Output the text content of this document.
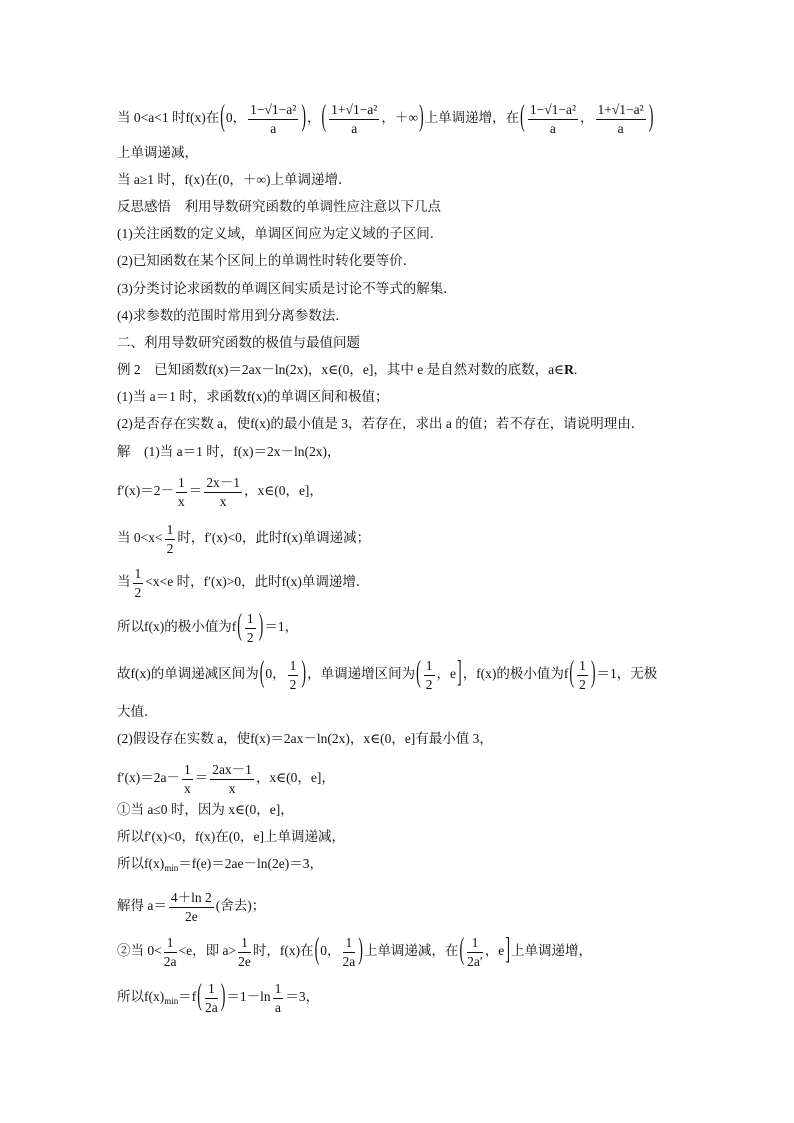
当 0<a<1 时f(x)在(0， $\frac{\text{1−√1−a²}}{a}$ )，( $\frac{\text{1+√1−a²}}{a}$ ，＋∞)上单调递增，在( $\frac{\text{1−√1−a²}}{a}$ ， $\frac{\text{1+√1−a²}}{a}$ )
上单调递减，
当 a≥1 时，f(x)在(0，＋∞)上单调递增．
反思感悟　利用导数研究函数的单调性应注意以下几点
(1)关注函数的定义域，单调区间应为定义域的子区间．
(2)已知函数在某个区间上的单调性时转化要等价．
(3)分类讨论求函数的单调区间实质是讨论不等式的解集．
(4)求参数的范围时常用到分离参数法．
二、利用导数研究函数的极值与最值问题
例 2　已知函数f(x)＝2ax－ln(2x)，x∈(0，e]，其中 e 是自然对数的底数，a∈R.
(1)当 a＝1 时，求函数f(x)的单调区间和极值；
(2)是否存在实数 a，使f(x)的最小值是 3，若存在，求出 a 的值；若不存在，请说明理由．
解　(1)当 a＝1 时，f(x)＝2x－ln(2x)，
$f'(x)=2- \frac{1}{x} = \frac{2x-1}{x}$ ，x∈(0，e]，
当 $0<x< \frac{1}{2}$ 时，f′(x)<0，此时f(x)单调递减；
当 $\frac{1}{2} <x<e$ 时，f′(x)>0，此时f(x)单调递增．
所以f(x)的极小值为$f( \frac{1}{2} )=1$，
故f(x)的单调递减区间为(0， $\frac{1}{2}$ )，单调递增区间为( $\frac{1}{2}$ ，e]，f(x)的极小值为$f( \frac{1}{2} )=1$，无极
大值．
(2)假设存在实数 a，使f(x)＝2ax－ln(2x)，x∈(0，e]有最小值 3，
$f'(x)=2a- \frac{1}{x} = \frac{2ax-1}{x}$ ，x∈(0，e]，
①当 a≤0 时，因为 x∈(0，e]，
所以f′(x)<0，f(x)在(0，e]上单调递减，
所以$f(x)_{min}=f(e)=2ae-\ln(2e)=3$，
解得 $a= \frac{4+\ln 2}{2e}$ (舍去)；
②当 $0< \frac{1}{2a} <e$，即 $a> \frac{1}{2e}$ 时，f(x)在(0， $\frac{1}{2a}$ )上单调递减，在( $\frac{1}{2a'}$ ，e]上单调递增，
所以$f(x)_{min}=f( \frac{1}{2a} )=1-\ln \frac{1}{a} =3$，
